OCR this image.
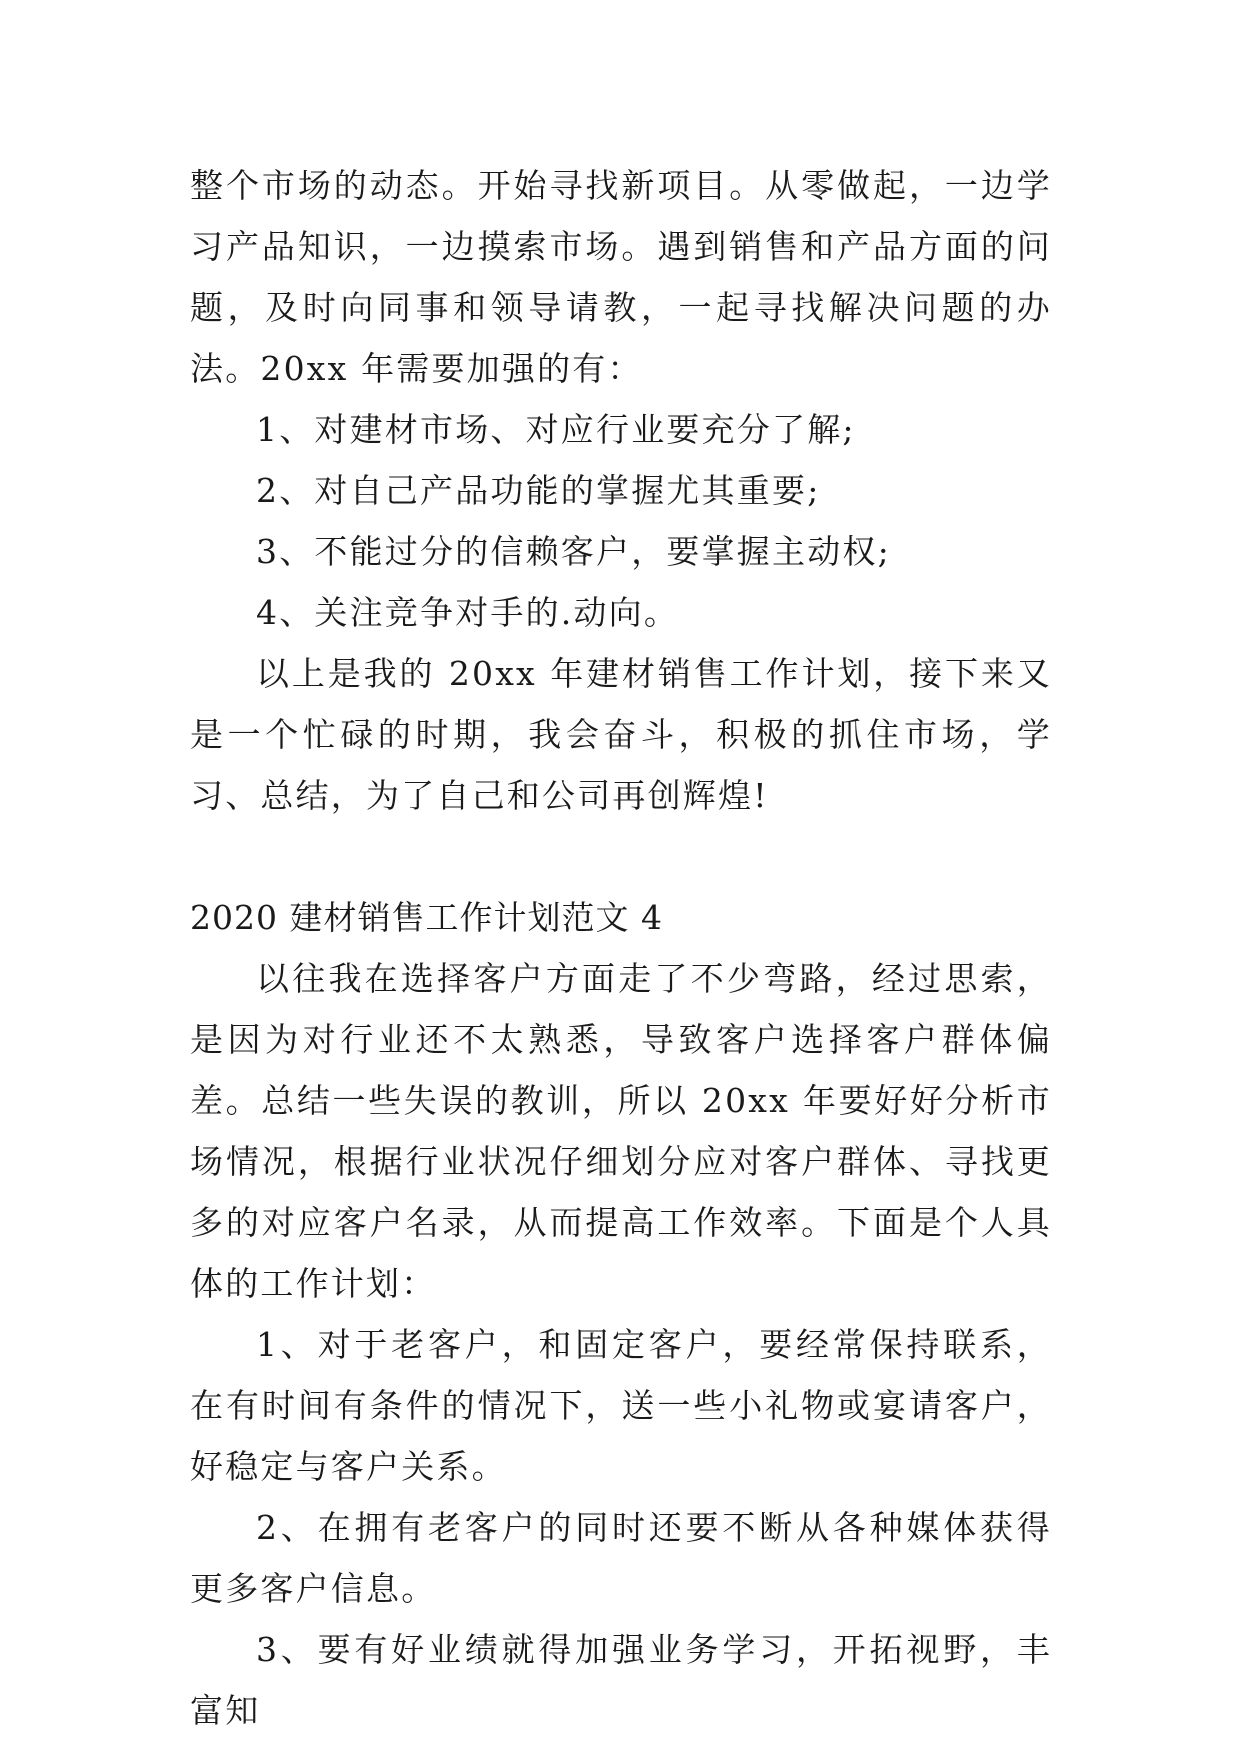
整个市场的动态。开始寻找新项目。从零做起，一边学习产品知识，一边摸索市场。遇到销售和产品方面的问题，及时向同事和领导请教，一起寻找解决问题的办法。20xx 年需要加强的有：

1、对建材市场、对应行业要充分了解;

2、对自己产品功能的掌握尤其重要;

3、不能过分的信赖客户，要掌握主动权;

4、关注竞争对手的.动向。

以上是我的 20xx 年建材销售工作计划，接下来又是一个忙碌的时期，我会奋斗，积极的抓住市场，学习、总结，为了自己和公司再创辉煌!

2020 建材销售工作计划范文 4

以往我在选择客户方面走了不少弯路，经过思索，是因为对行业还不太熟悉，导致客户选择客户群体偏差。总结一些失误的教训，所以 20xx 年要好好分析市场情况，根据行业状况仔细划分应对客户群体、寻找更多的对应客户名录，从而提高工作效率。下面是个人具体的工作计划：

1、对于老客户，和固定客户，要经常保持联系，在有时间有条件的情况下，送一些小礼物或宴请客户，好稳定与客户关系。

2、在拥有老客户的同时还要不断从各种媒体获得更多客户信息。

3、要有好业绩就得加强业务学习，开拓视野，丰富知
